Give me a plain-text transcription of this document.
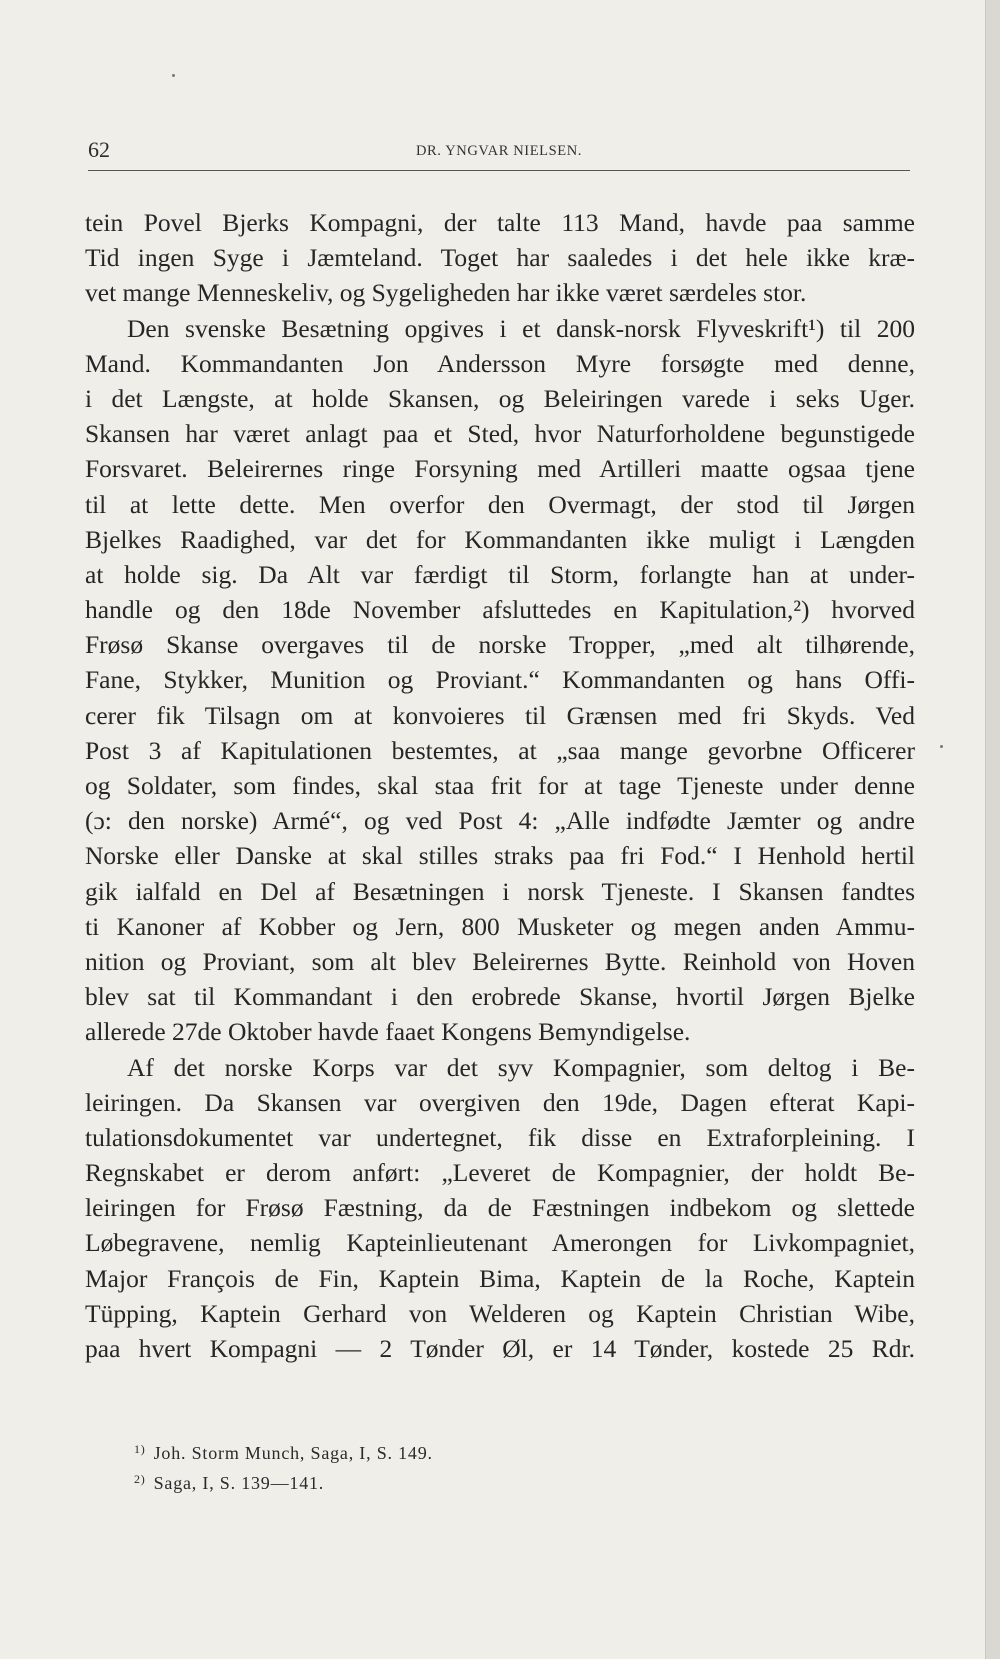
62	DR. YNGVAR NIELSEN.
tein Povel Bjerks Kompagni, der talte 113 Mand, havde paa samme
Tid ingen Syge i Jæmteland. Toget har saaledes i det hele ikke kræ-
vet mange Menneskeliv, og Sygeligheden har ikke været særdeles stor.
Den svenske Besætning opgives i et dansk-norsk Flyveskrift¹) til 200
Mand. Kommandanten Jon Andersson Myre forsøgte med denne,
i det Længste, at holde Skansen, og Beleiringen varede i seks Uger.
Skansen har været anlagt paa et Sted, hvor Naturforholdene begunstigede
Forsvaret. Beleirernes ringe Forsyning med Artilleri maatte ogsaa tjene
til at lette dette. Men overfor den Overmagt, der stod til Jørgen
Bjelkes Raadighed, var det for Kommandanten ikke muligt i Længden
at holde sig. Da Alt var færdigt til Storm, forlangte han at under-
handle og den 18de November afsluttedes en Kapitulation,²) hvorved
Frøsø Skanse overgaves til de norske Tropper, „med alt tilhørende,
Fane, Stykker, Munition og Proviant.“ Kommandanten og hans Offi-
cerer fik Tilsagn om at konvoieres til Grænsen med fri Skyds. Ved
Post 3 af Kapitulationen bestemtes, at „saa mange gevorbne Officerer
og Soldater, som findes, skal staa frit for at tage Tjeneste under denne
(ɔ: den norske) Armé“, og ved Post 4: „Alle indfødte Jæmter og andre
Norske eller Danske at skal stilles straks paa fri Fod.“ I Henhold hertil
gik ialfald en Del af Besætningen i norsk Tjeneste. I Skansen fandtes
ti Kanoner af Kobber og Jern, 800 Musketer og megen anden Ammu-
nition og Proviant, som alt blev Beleirernes Bytte. Reinhold von Hoven
blev sat til Kommandant i den erobrede Skanse, hvortil Jørgen Bjelke
allerede 27de Oktober havde faaet Kongens Bemyndigelse.
Af det norske Korps var det syv Kompagnier, som deltog i Be-
leiringen. Da Skansen var overgiven den 19de, Dagen efterat Kapi-
tulationsdokumentet var undertegnet, fik disse en Extraforpleining. I
Regnskabet er derom anført: „Leveret de Kompagnier, der holdt Be-
leiringen for Frøsø Fæstning, da de Fæstningen indbekom og slettede
Løbegravene, nemlig Kapteinlieutenant Amerongen for Livkompagniet,
Major François de Fin, Kaptein Bima, Kaptein de la Roche, Kaptein
Tüpping, Kaptein Gerhard von Welderen og Kaptein Christian Wibe,
paa hvert Kompagni — 2 Tønder Øl, er 14 Tønder, kostede 25 Rdr.
$^{1)}$ Joh. Storm Munch, Saga, I, S. 149.
$^{2)}$ Saga, I, S. 139—141.
